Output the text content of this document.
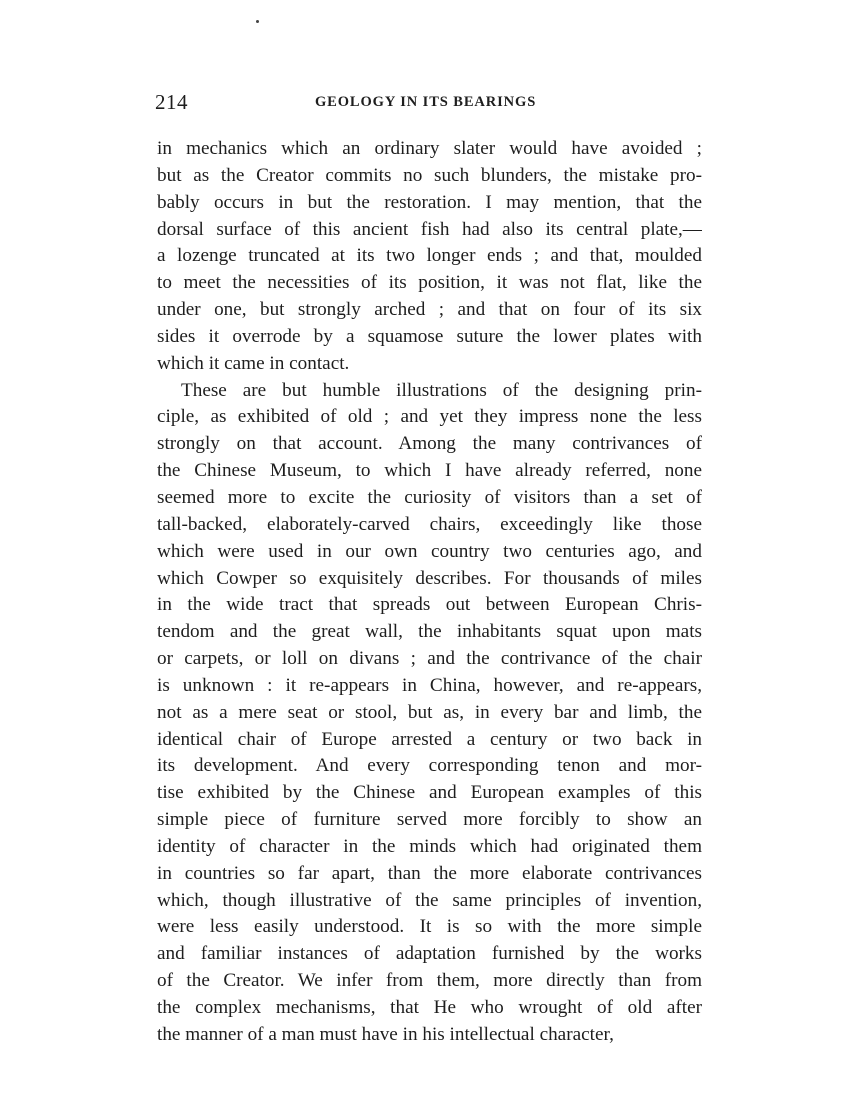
214	GEOLOGY IN ITS BEARINGS
in mechanics which an ordinary slater would have avoided ;
but as the Creator commits no such blunders, the mistake pro-
bably occurs in but the restoration. I may mention, that the
dorsal surface of this ancient fish had also its central plate,—
a lozenge truncated at its two longer ends ; and that, moulded
to meet the necessities of its position, it was not flat, like the
under one, but strongly arched ; and that on four of its six
sides it overrode by a squamose suture the lower plates with
which it came in contact.
These are but humble illustrations of the designing prin-
ciple, as exhibited of old ; and yet they impress none the less
strongly on that account. Among the many contrivances of
the Chinese Museum, to which I have already referred, none
seemed more to excite the curiosity of visitors than a set of
tall-backed, elaborately-carved chairs, exceedingly like those
which were used in our own country two centuries ago, and
which Cowper so exquisitely describes. For thousands of miles
in the wide tract that spreads out between European Chris-
tendom and the great wall, the inhabitants squat upon mats
or carpets, or loll on divans ; and the contrivance of the chair
is unknown : it re-appears in China, however, and re-appears,
not as a mere seat or stool, but as, in every bar and limb, the
identical chair of Europe arrested a century or two back in
its development. And every corresponding tenon and mor-
tise exhibited by the Chinese and European examples of this
simple piece of furniture served more forcibly to show an
identity of character in the minds which had originated them
in countries so far apart, than the more elaborate contrivances
which, though illustrative of the same principles of invention,
were less easily understood. It is so with the more simple
and familiar instances of adaptation furnished by the works
of the Creator. We infer from them, more directly than from
the complex mechanisms, that He who wrought of old after
the manner of a man must have in his intellectual character,
